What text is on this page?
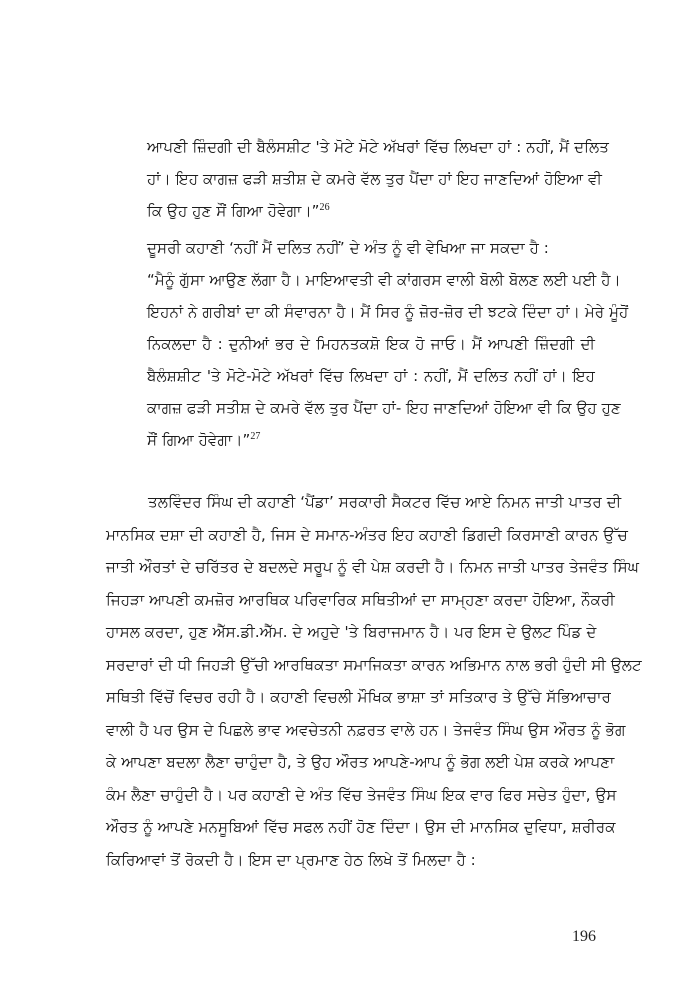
ਆਪਣੀ ਜ਼ਿੰਦਗੀ ਦੀ ਬੈਲੰਸਸ਼ੀਟ 'ਤੇ ਮੋਟੇ ਮੋਟੇ ਅੱਖਰਾਂ ਵਿੱਚ ਲਿਖਦਾ ਹਾਂ : ਨਹੀਂ, ਮੈਂ ਦਲਿਤ
ਹਾਂ। ਇਹ ਕਾਗਜ਼ ਫੜੀ ਸ਼ਤੀਸ਼ ਦੇ ਕਮਰੇ ਵੱਲ ਤੁਰ ਪੈਂਦਾ ਹਾਂ ਇਹ ਜਾਣਦਿਆਂ ਹੋਇਆ ਵੀ
ਕਿ ਉਹ ਹੁਣ ਸੌਂ ਗਿਆ ਹੋਵੇਗਾ।”$^{26}$
ਦੂਸਰੀ ਕਹਾਣੀ ‘ਨਹੀਂ ਮੈਂ ਦਲਿਤ ਨਹੀਂ’ ਦੇ ਅੰਤ ਨੂੰ ਵੀ ਵੇਖਿਆ ਜਾ ਸਕਦਾ ਹੈ :
“ਮੈਨੂੰ ਗੁੱਸਾ ਆਉਣ ਲੱਗਾ ਹੈ। ਮਾਇਆਵਤੀ ਵੀ ਕਾਂਗਰਸ ਵਾਲੀ ਬੋਲੀ ਬੋਲਣ ਲਈ ਪਈ ਹੈ।
ਇਹਨਾਂ ਨੇ ਗਰੀਬਾਂ ਦਾ ਕੀ ਸੰਵਾਰਨਾ ਹੈ। ਮੈਂ ਸਿਰ ਨੂੰ ਜ਼ੋਰ-ਜ਼ੋਰ ਦੀ ਝਟਕੇ ਦਿੰਦਾ ਹਾਂ। ਮੇਰੇ ਮੂੰਹੋਂ
ਨਿਕਲਦਾ ਹੈ : ਦੁਨੀਆਂ ਭਰ ਦੇ ਮਿਹਨਤਕਸ਼ੋ ਇਕ ਹੋ ਜਾਓ। ਮੈਂ ਆਪਣੀ ਜ਼ਿੰਦਗੀ ਦੀ
ਬੈਲੰਸ਼ਸ਼ੀਟ 'ਤੇ ਮੋਟੇ-ਮੋਟੇ ਅੱਖਰਾਂ ਵਿੱਚ ਲਿਖਦਾ ਹਾਂ : ਨਹੀਂ, ਮੈਂ ਦਲਿਤ ਨਹੀਂ ਹਾਂ। ਇਹ
ਕਾਗਜ਼ ਫੜੀ ਸਤੀਸ਼ ਦੇ ਕਮਰੇ ਵੱਲ ਤੁਰ ਪੈਂਦਾ ਹਾਂ- ਇਹ ਜਾਣਦਿਆਂ ਹੋਇਆ ਵੀ ਕਿ ਉਹ ਹੁਣ
ਸੌਂ ਗਿਆ ਹੋਵੇਗਾ।”$^{27}$
ਤਲਵਿੰਦਰ ਸਿੰਘ ਦੀ ਕਹਾਣੀ ‘ਪੈਂਡਾ’ ਸਰਕਾਰੀ ਸੈਕਟਰ ਵਿੱਚ ਆਏ ਨਿਮਨ ਜਾਤੀ ਪਾਤਰ ਦੀ
ਮਾਨਸਿਕ ਦਸ਼ਾ ਦੀ ਕਹਾਣੀ ਹੈ, ਜਿਸ ਦੇ ਸਮਾਨ-ਅੰਤਰ ਇਹ ਕਹਾਣੀ ਡਿਗਦੀ ਕਿਰਸਾਣੀ ਕਾਰਨ ਉੱਚ
ਜਾਤੀ ਔਰਤਾਂ ਦੇ ਚਰਿੱਤਰ ਦੇ ਬਦਲਦੇ ਸਰੂਪ ਨੂੰ ਵੀ ਪੇਸ਼ ਕਰਦੀ ਹੈ। ਨਿਮਨ ਜਾਤੀ ਪਾਤਰ ਤੇਜਵੰਤ ਸਿੰਘ
ਜਿਹੜਾ ਆਪਣੀ ਕਮਜ਼ੋਰ ਆਰਥਿਕ ਪਰਿਵਾਰਿਕ ਸਥਿਤੀਆਂ ਦਾ ਸਾਮ੍ਹਣਾ ਕਰਦਾ ਹੋਇਆ, ਨੌਕਰੀ
ਹਾਸਲ ਕਰਦਾ, ਹੁਣ ਐੱਸ.ਡੀ.ਐੱਮ. ਦੇ ਅਹੁਦੇ 'ਤੇ ਬਿਰਾਜਮਾਨ ਹੈ। ਪਰ ਇਸ ਦੇ ਉਲਟ ਪਿੰਡ ਦੇ
ਸਰਦਾਰਾਂ ਦੀ ਧੀ ਜਿਹੜੀ ਉੱਚੀ ਆਰਥਿਕਤਾ ਸਮਾਜਿਕਤਾ ਕਾਰਨ ਅਭਿਮਾਨ ਨਾਲ ਭਰੀ ਹੁੰਦੀ ਸੀ ਉਲਟ
ਸਥਿਤੀ ਵਿੱਚੋਂ ਵਿਚਰ ਰਹੀ ਹੈ। ਕਹਾਣੀ ਵਿਚਲੀ ਮੌਖਿਕ ਭਾਸ਼ਾ ਤਾਂ ਸਤਿਕਾਰ ਤੇ ਉੱਚੇ ਸੱਭਿਆਚਾਰ
ਵਾਲੀ ਹੈ ਪਰ ਉਸ ਦੇ ਪਿਛਲੇ ਭਾਵ ਅਵਚੇਤਨੀ ਨਫ਼ਰਤ ਵਾਲੇ ਹਨ। ਤੇਜਵੰਤ ਸਿੰਘ ਉਸ ਔਰਤ ਨੂੰ ਭੋਗ
ਕੇ ਆਪਣਾ ਬਦਲਾ ਲੈਣਾ ਚਾਹੁੰਦਾ ਹੈ, ਤੇ ਉਹ ਔਰਤ ਆਪਣੇ-ਆਪ ਨੂੰ ਭੋਗ ਲਈ ਪੇਸ਼ ਕਰਕੇ ਆਪਣਾ
ਕੰਮ ਲੈਣਾ ਚਾਹੁੰਦੀ ਹੈ। ਪਰ ਕਹਾਣੀ ਦੇ ਅੰਤ ਵਿੱਚ ਤੇਜਵੰਤ ਸਿੰਘ ਇਕ ਵਾਰ ਫਿਰ ਸਚੇਤ ਹੁੰਦਾ, ਉਸ
ਔਰਤ ਨੂੰ ਆਪਣੇ ਮਨਸੂਬਿਆਂ ਵਿੱਚ ਸਫਲ ਨਹੀਂ ਹੋਣ ਦਿੰਦਾ। ਉਸ ਦੀ ਮਾਨਸਿਕ ਦੁਵਿਧਾ, ਸ਼ਰੀਰਕ
ਕਿਰਿਆਵਾਂ ਤੋਂ ਰੋਕਦੀ ਹੈ। ਇਸ ਦਾ ਪ੍ਰਮਾਣ ਹੇਠ ਲਿਖੇ ਤੋਂ ਮਿਲਦਾ ਹੈ :
196
